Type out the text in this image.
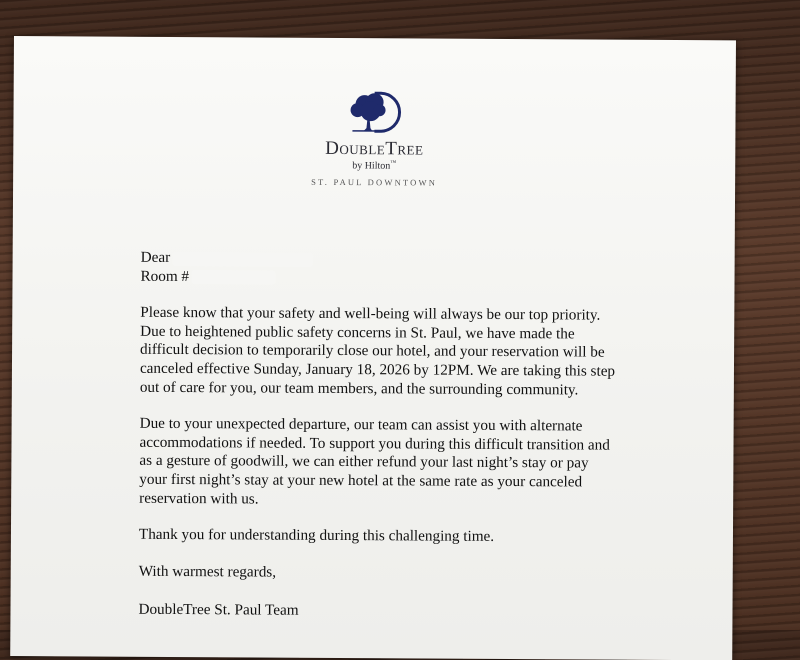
DoubleTree
by Hilton™
ST. PAUL DOWNTOWN
Dear
Room #
Please know that your safety and well-being will always be our top priority.
Due to heightened public safety concerns in St. Paul, we have made the
difficult decision to temporarily close our hotel, and your reservation will be
canceled effective Sunday, January 18, 2026 by 12PM. We are taking this step
out of care for you, our team members, and the surrounding community.
Due to your unexpected departure, our team can assist you with alternate
accommodations if needed. To support you during this difficult transition and
as a gesture of goodwill, we can either refund your last night’s stay or pay
your first night’s stay at your new hotel at the same rate as your canceled
reservation with us.
Thank you for understanding during this challenging time.
With warmest regards,
DoubleTree St. Paul Team
